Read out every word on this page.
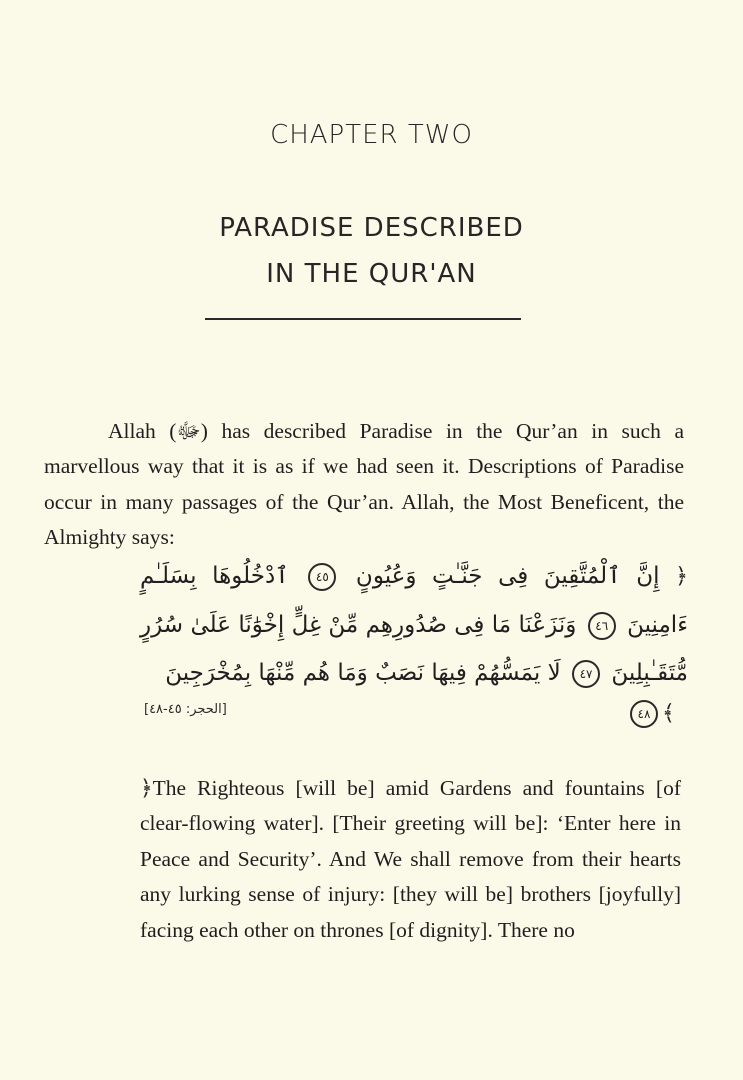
CHAPTER TWO
PARADISE DESCRIBED
IN THE QUR'AN

Allah (ﷻ) has described Paradise in the Qur’an in such a marvellous way that it is as if we had seen it. Descriptions of Paradise occur in many passages of the Qur’an. Allah, the Most Beneficent, the Almighty says:

﴿ إِنَّ ٱلْمُتَّقِينَ فِى جَنَّـٰتٍ وَعُيُونٍ ٤٥ ٱدْخُلُوهَا بِسَلَـٰمٍ ءَامِنِينَ ٤٦ وَنَزَعْنَا مَا فِى صُدُورِهِم مِّنْ غِلٍّ إِخْوَٰنًا عَلَىٰ سُرُرٍ مُّتَقَـٰبِلِينَ ٤٧ لَا يَمَسُّهُمْ فِيهَا نَصَبٌ وَمَا هُم مِّنْهَا بِمُخْرَجِينَ
[الحجر: ٤٥-٤٨]	٤٨ ﴾

﴿The Righteous [will be] amid Gardens and fountains [of clear-flowing water]. [Their greeting will be]: ‘Enter here in Peace and Security’. And We shall remove from their hearts any lurking sense of injury: [they will be] brothers [joyfully] facing each other on thrones [of dignity]. There no
